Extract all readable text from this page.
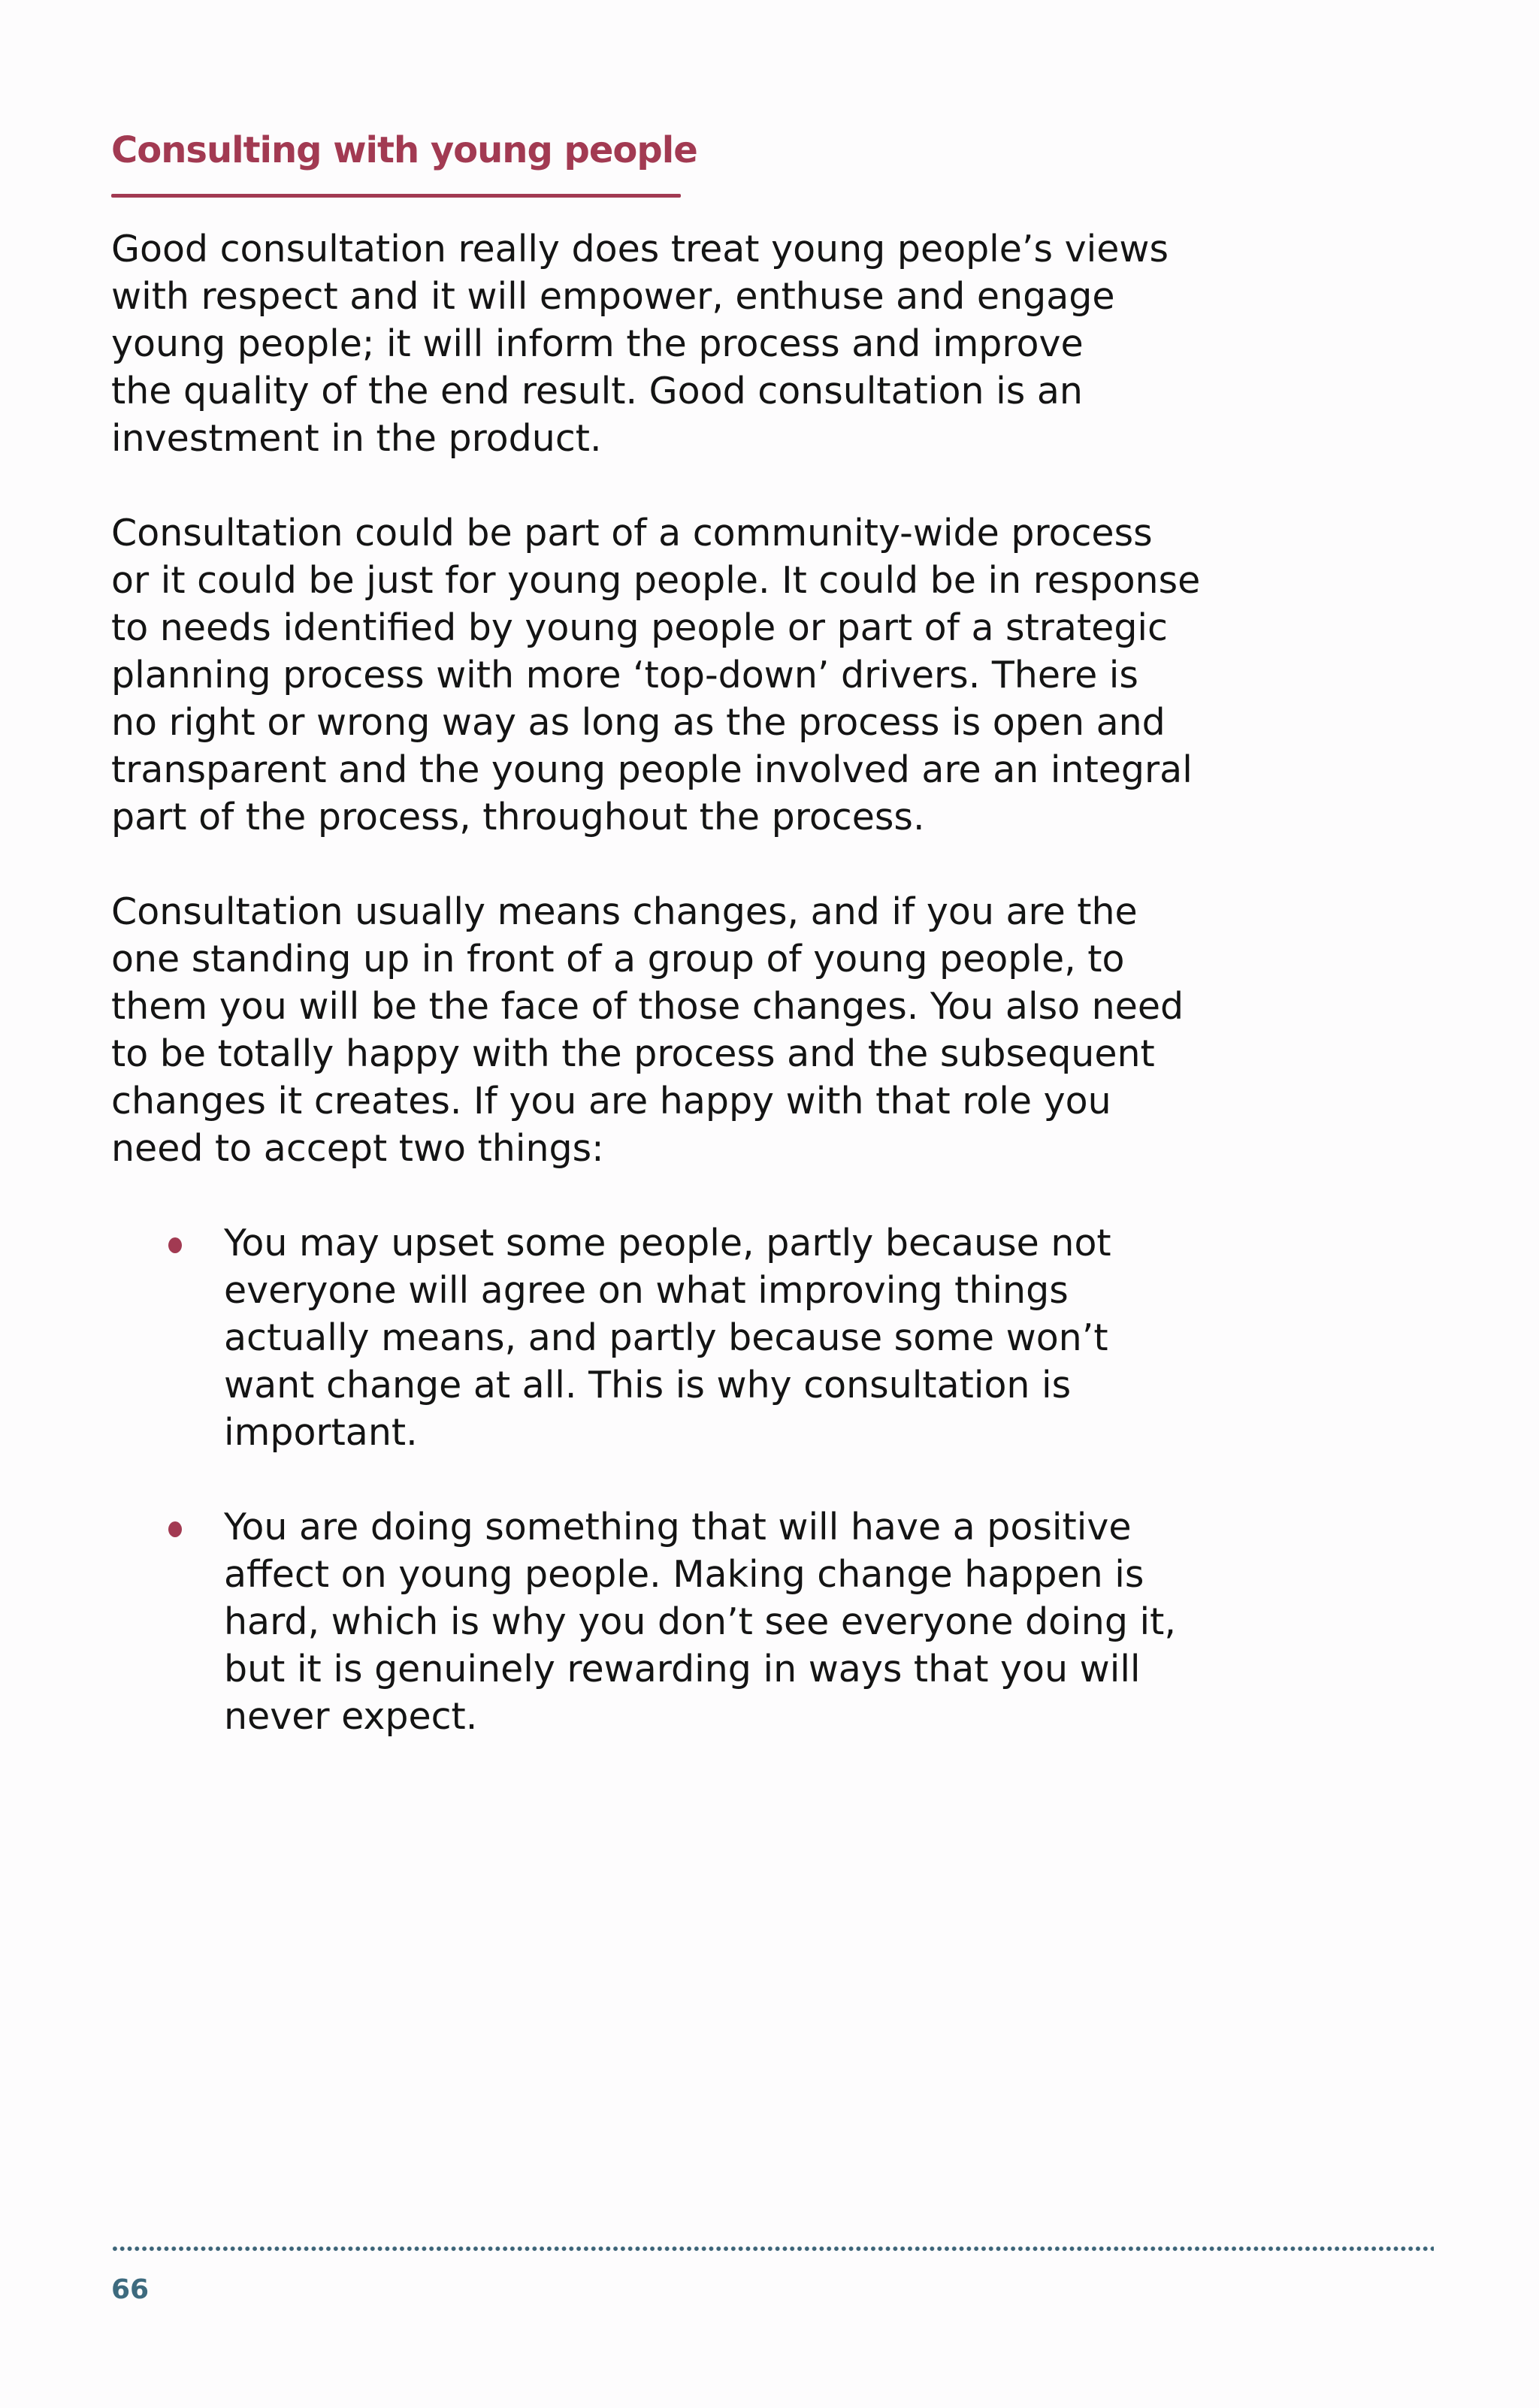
Consulting with young people

Good consultation really does treat young people’s views
with respect and it will empower, enthuse and engage
young people; it will inform the process and improve
the quality of the end result. Good consultation is an
investment in the product.

Consultation could be part of a community-wide process
or it could be just for young people. It could be in response
to needs identified by young people or part of a strategic
planning process with more ‘top-down’ drivers. There is
no right or wrong way as long as the process is open and
transparent and the young people involved are an integral
part of the process, throughout the process.

Consultation usually means changes, and if you are the
one standing up in front of a group of young people, to
them you will be the face of those changes. You also need
to be totally happy with the process and the subsequent
changes it creates. If you are happy with that role you
need to accept two things:

You may upset some people, partly because not
everyone will agree on what improving things
actually means, and partly because some won’t
want change at all. This is why consultation is
important.
You are doing something that will have a positive
affect on young people. Making change happen is
hard, which is why you don’t see everyone doing it,
but it is genuinely rewarding in ways that you will
never expect.
66
